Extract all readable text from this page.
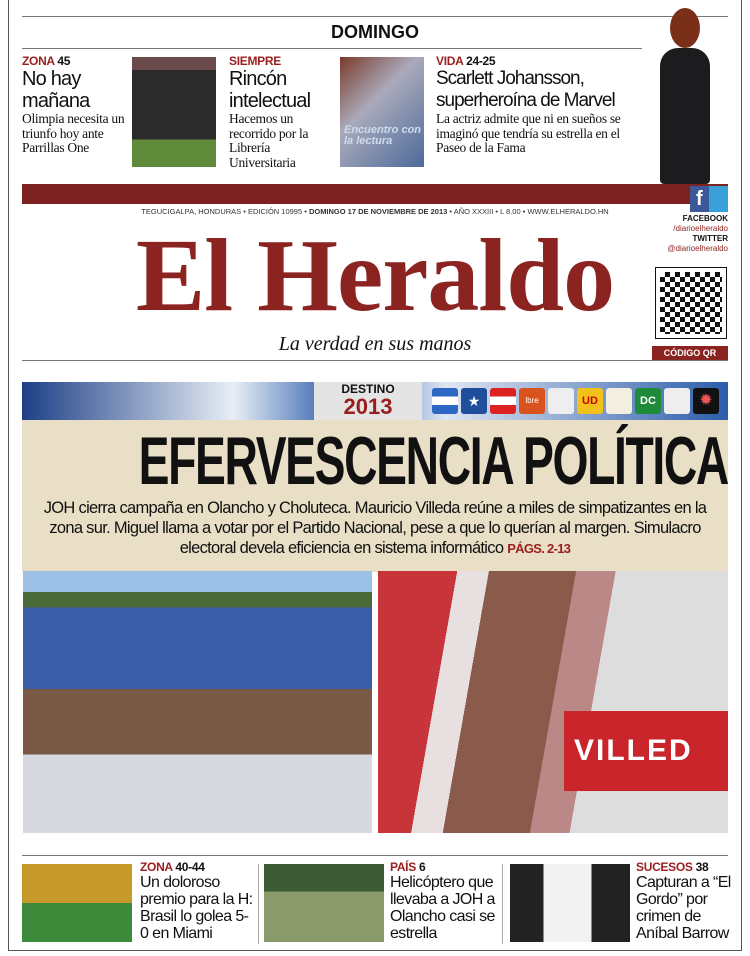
DOMINGO
ZONA 45
No hay mañana
Olimpia necesita un triunfo hoy ante Parrillas One
SIEMPRE
Rincón intelectual
Hacemos un recorrido por la Librería Universitaria
Encuentro con la lectura
VIDA 24-25
Scarlett Johansson, superheroína de Marvel
La actriz admite que ni en sueños se imaginó que tendría su estrella en el Paseo de la Fama
TEGUCIGALPA, HONDURAS • EDICIÓN 10995 • DOMINGO 17 DE NOVIEMBRE DE 2013 • AÑO XXXIII • L 8.00 • WWW.ELHERALDO.HN
El Heraldo
La verdad en sus manos
f
FACEBOOK
/diarioelheraldo
TWITTER
@diarioelheraldo
CÓDIGO QR
DESTINO
2013	★	lbre	UD	DC	✹
EFERVESCENCIA POLÍTICA
JOH cierra campaña en Olancho y Choluteca. Mauricio Villeda reúne a miles de simpatizantes en la zona sur. Miguel llama a votar por el Partido Nacional, pese a que lo querían al margen. Simulacro electoral devela eficiencia en sistema informático PÁGS. 2-13
VILLED
ZONA 40-44
Un doloroso premio para la H: Brasil lo golea 5-0 en Miami
PAÍS 6
Helicóptero que llevaba a JOH a Olancho casi se estrella
SUCESOS 38
Capturan a “El Gordo” por crimen de Aníbal Barrow
